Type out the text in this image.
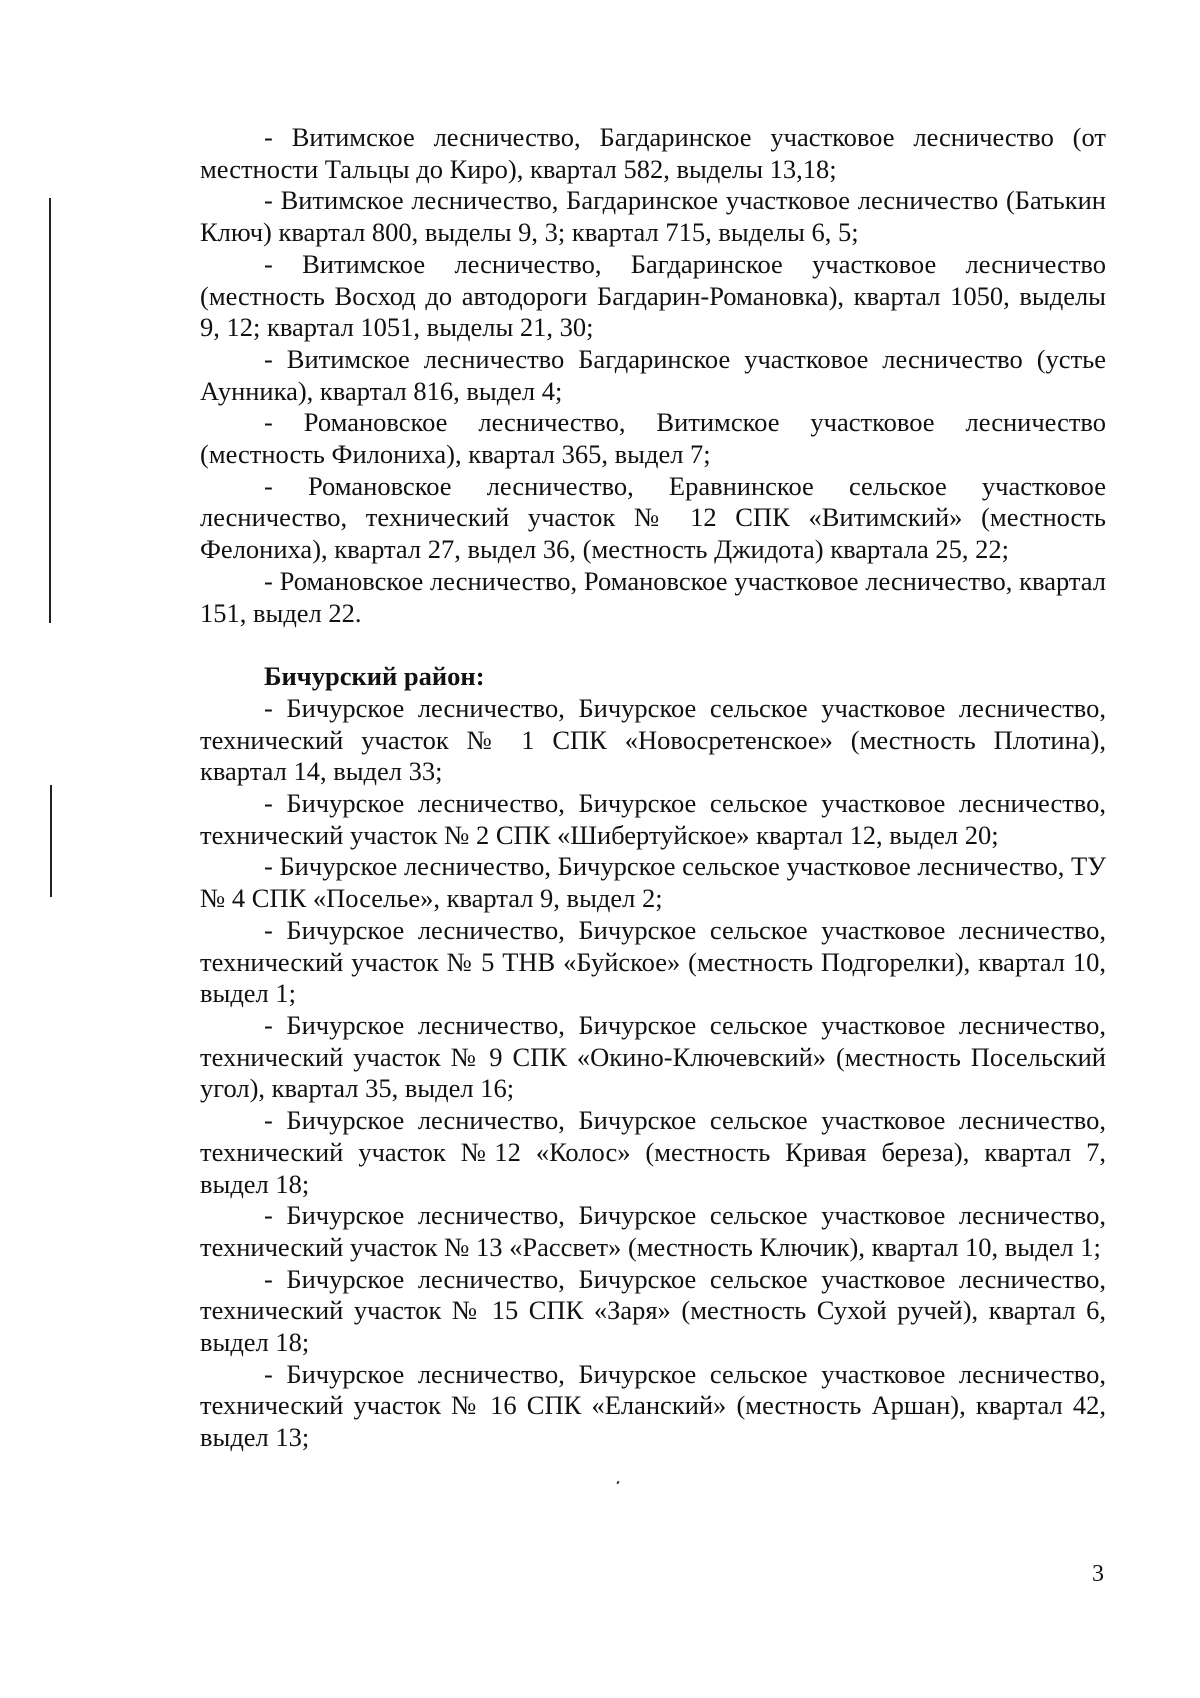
- Витимское лесничество, Багдаринское участковое лесничество (от местности Тальцы до Киро), квартал 582, выделы 13,18;

- Витимское лесничество, Багдаринское участковое лесничество (Батькин Ключ) квартал 800, выделы 9, 3; квартал 715, выделы 6, 5;

- Витимское лесничество, Багдаринское участковое лесничество (местность Восход до автодороги Багдарин-Романовка), квартал 1050, выделы 9, 12; квартал 1051, выделы 21, 30;

- Витимское лесничество Багдаринское участковое лесничество (устье Аунника), квартал 816, выдел 4;

- Романовское лесничество, Витимское участковое лесничество (местность Филониха), квартал 365, выдел 7;

- Романовское лесничество, Еравнинское сельское участковое лесничество, технический участок № 12 СПК «Витимский» (местность Фелониха), квартал 27, выдел 36, (местность Джидота) квартала 25, 22;

- Романовское лесничество, Романовское участковое лесничество, квартал 151, выдел 22.

Бичурский район:

- Бичурское лесничество, Бичурское сельское участковое лесничество, технический участок № 1 СПК «Новосретенское» (местность Плотина), квартал 14, выдел 33;

- Бичурское лесничество, Бичурское сельское участковое лесничество, технический участок № 2 СПК «Шибертуйское» квартал 12, выдел 20;

- Бичурское лесничество, Бичурское сельское участковое лесничество, ТУ № 4 СПК «Поселье», квартал 9, выдел 2;

- Бичурское лесничество, Бичурское сельское участковое лесничество, технический участок № 5 ТНВ «Буйское» (местность Подгорелки), квартал 10, выдел 1;

- Бичурское лесничество, Бичурское сельское участковое лесничество, технический участок № 9 СПК «Окино-Ключевский» (местность Посельский угол), квартал 35, выдел 16;

- Бичурское лесничество, Бичурское сельское участковое лесничество, технический участок №12 «Колос» (местность Кривая береза), квартал 7, выдел 18;

- Бичурское лесничество, Бичурское сельское участковое лесничество, технический участок № 13 «Рассвет» (местность Ключик), квартал 10, выдел 1;

- Бичурское лесничество, Бичурское сельское участковое лесничество, технический участок № 15 СПК «Заря» (местность Сухой ручей), квартал 6, выдел 18;

- Бичурское лесничество, Бичурское сельское участковое лесничество, технический участок № 16 СПК «Еланский» (местность Аршан), квартал 42, выдел 13;

3
